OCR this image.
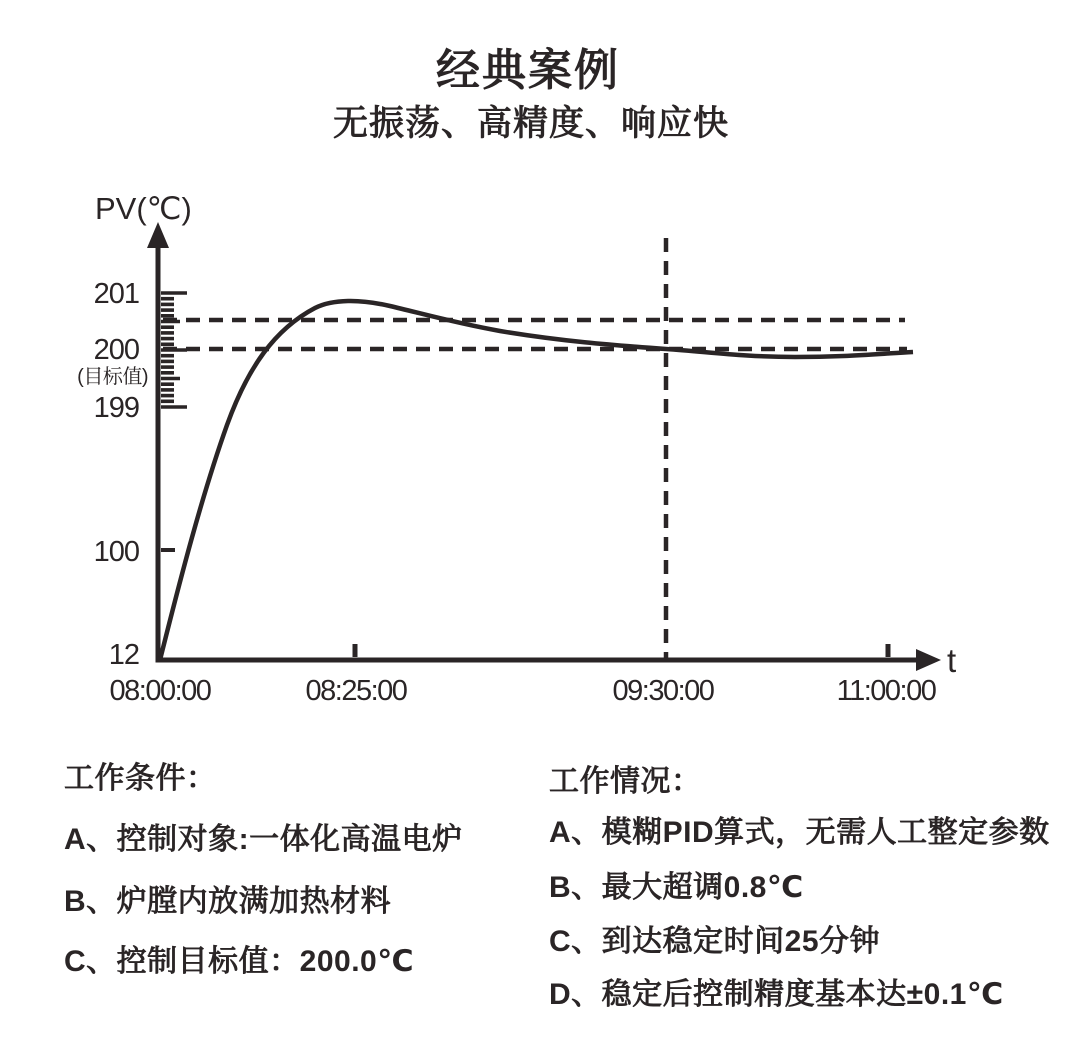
经典案例
无振荡、高精度、响应快
PV(℃)
t
201
200
(目标值)
199
100
12
08:00:00	08:25:00	09:30:00	11:00:00
工作条件：
A、控制对象:一体化高温电炉
B、炉膛内放满加热材料
C、控制目标值：200.0℃
工作情况：
A、模糊PID算式，无需人工整定参数
B、最大超调0.8℃
C、到达稳定时间25分钟
D、稳定后控制精度基本达±0.1℃
